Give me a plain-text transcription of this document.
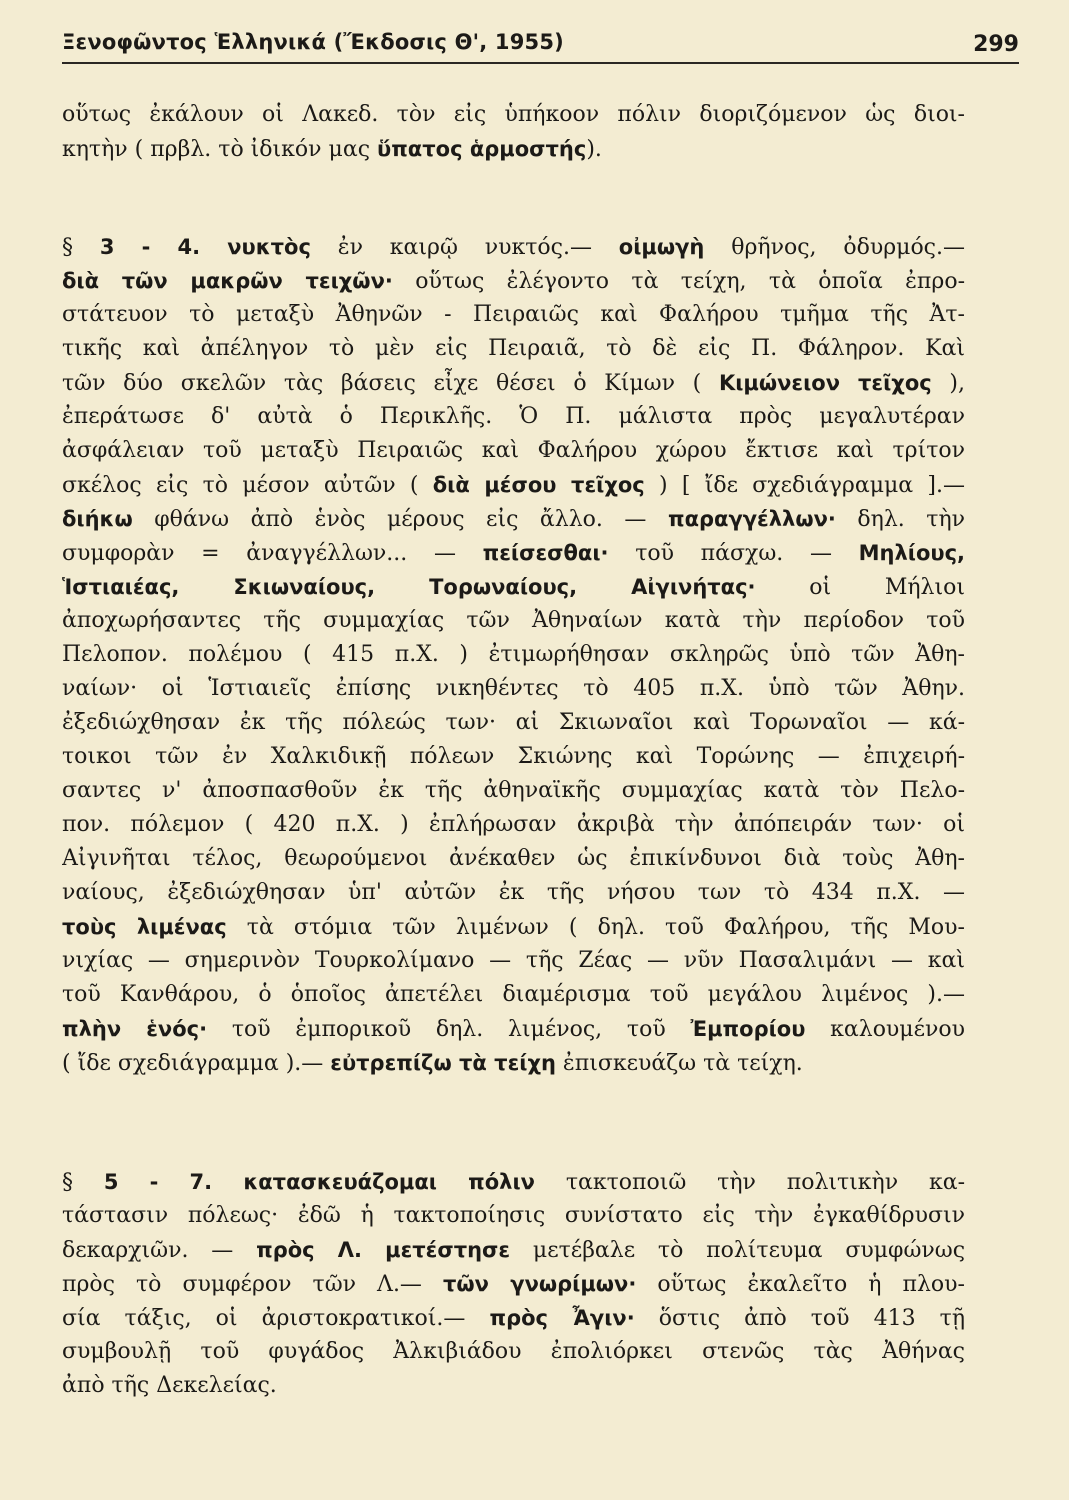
Ξενοφῶντος Ἑλληνικά (Ἔκδοσις Θ', 1955)	299
οὕτως ἐκάλουν οἱ Λακεδ. τὸν εἰς ὑπήκοον πόλιν διοριζόμενον ὡς διοι-
κητὴν ( πρβλ. τὸ ἰδικόν μας ὕπατος ἁρμοστής).
§ 3 - 4. νυκτὸς ἐν καιρῷ νυκτός.— οἰμωγὴ θρῆνος, ὀδυρμός.—
διὰ τῶν μακρῶν τειχῶν· οὕτως ἐλέγοντο τὰ τείχη, τὰ ὁποῖα ἐπρο-
στάτευον τὸ μεταξὺ Ἀθηνῶν - Πειραιῶς καὶ Φαλήρου τμῆμα τῆς Ἀτ-
τικῆς καὶ ἀπέληγον τὸ μὲν εἰς Πειραιᾶ, τὸ δὲ εἰς Π. Φάληρον. Καὶ
τῶν δύο σκελῶν τὰς βάσεις εἶχε θέσει ὁ Κίμων ( Κιμώνειον τεῖχος ),
ἐπεράτωσε δ' αὐτὰ ὁ Περικλῆς. Ὁ Π. μάλιστα πρὸς μεγαλυτέραν
ἀσφάλειαν τοῦ μεταξὺ Πειραιῶς καὶ Φαλήρου χώρου ἔκτισε καὶ τρίτον
σκέλος εἰς τὸ μέσον αὐτῶν ( διὰ μέσου τεῖχος ) [ ἴδε σχεδιάγραμμα ].—
διήκω φθάνω ἀπὸ ἑνὸς μέρους εἰς ἄλλο. — παραγγέλλων· δηλ. τὴν
συμφορὰν = ἀναγγέλλων... — πείσεσθαι· τοῦ πάσχω. — Μηλίους,
Ἱστιαιέας, Σκιωναίους, Τορωναίους, Αἰγινήτας· οἱ Μήλιοι
ἀποχωρήσαντες τῆς συμμαχίας τῶν Ἀθηναίων κατὰ τὴν περίοδον τοῦ
Πελοπον. πολέμου ( 415 π.Χ. ) ἐτιμωρήθησαν σκληρῶς ὑπὸ τῶν Ἀθη-
ναίων· οἱ Ἱστιαιεῖς ἐπίσης νικηθέντες τὸ 405 π.Χ. ὑπὸ τῶν Ἀθην.
ἐξεδιώχθησαν ἐκ τῆς πόλεώς των· αἱ Σκιωναῖοι καὶ Τορωναῖοι — κά-
τοικοι τῶν ἐν Χαλκιδικῇ πόλεων Σκιώνης καὶ Τορώνης — ἐπιχειρή-
σαντες ν' ἀποσπασθοῦν ἐκ τῆς ἀθηναϊκῆς συμμαχίας κατὰ τὸν Πελο-
πον. πόλεμον ( 420 π.Χ. ) ἐπλήρωσαν ἀκριβὰ τὴν ἀπόπειράν των· οἱ
Αἰγινῆται τέλος, θεωρούμενοι ἀνέκαθεν ὡς ἐπικίνδυνοι διὰ τοὺς Ἀθη-
ναίους, ἐξεδιώχθησαν ὑπ' αὐτῶν ἐκ τῆς νήσου των τὸ 434 π.Χ. —
τοὺς λιμένας τὰ στόμια τῶν λιμένων ( δηλ. τοῦ Φαλήρου, τῆς Μου-
νιχίας — σημερινὸν Τουρκολίμανο — τῆς Ζέας — νῦν Πασαλιμάνι — καὶ
τοῦ Κανθάρου, ὁ ὁποῖος ἀπετέλει διαμέρισμα τοῦ μεγάλου λιμένος ).—
πλὴν ἑνός· τοῦ ἐμπορικοῦ δηλ. λιμένος, τοῦ Ἐμπορίου καλουμένου
( ἴδε σχεδιάγραμμα ).— εὐτρεπίζω τὰ τείχη ἐπισκευάζω τὰ τείχη.
§ 5 - 7. κατασκευάζομαι πόλιν τακτοποιῶ τὴν πολιτικὴν κα-
τάστασιν πόλεως· ἐδῶ ἡ τακτοποίησις συνίστατο εἰς τὴν ἐγκαθίδρυσιν
δεκαρχιῶν. — πρὸς Λ. μετέστησε μετέβαλε τὸ πολίτευμα συμφώνως
πρὸς τὸ συμφέρον τῶν Λ.— τῶν γνωρίμων· οὕτως ἐκαλεῖτο ἡ πλου-
σία τάξις, οἱ ἀριστοκρατικοί.— πρὸς Ἆγιν· ὅστις ἀπὸ τοῦ 413 τῇ
συμβουλῇ τοῦ φυγάδος Ἀλκιβιάδου ἐπολιόρκει στενῶς τὰς Ἀθήνας
ἀπὸ τῆς Δεκελείας.
